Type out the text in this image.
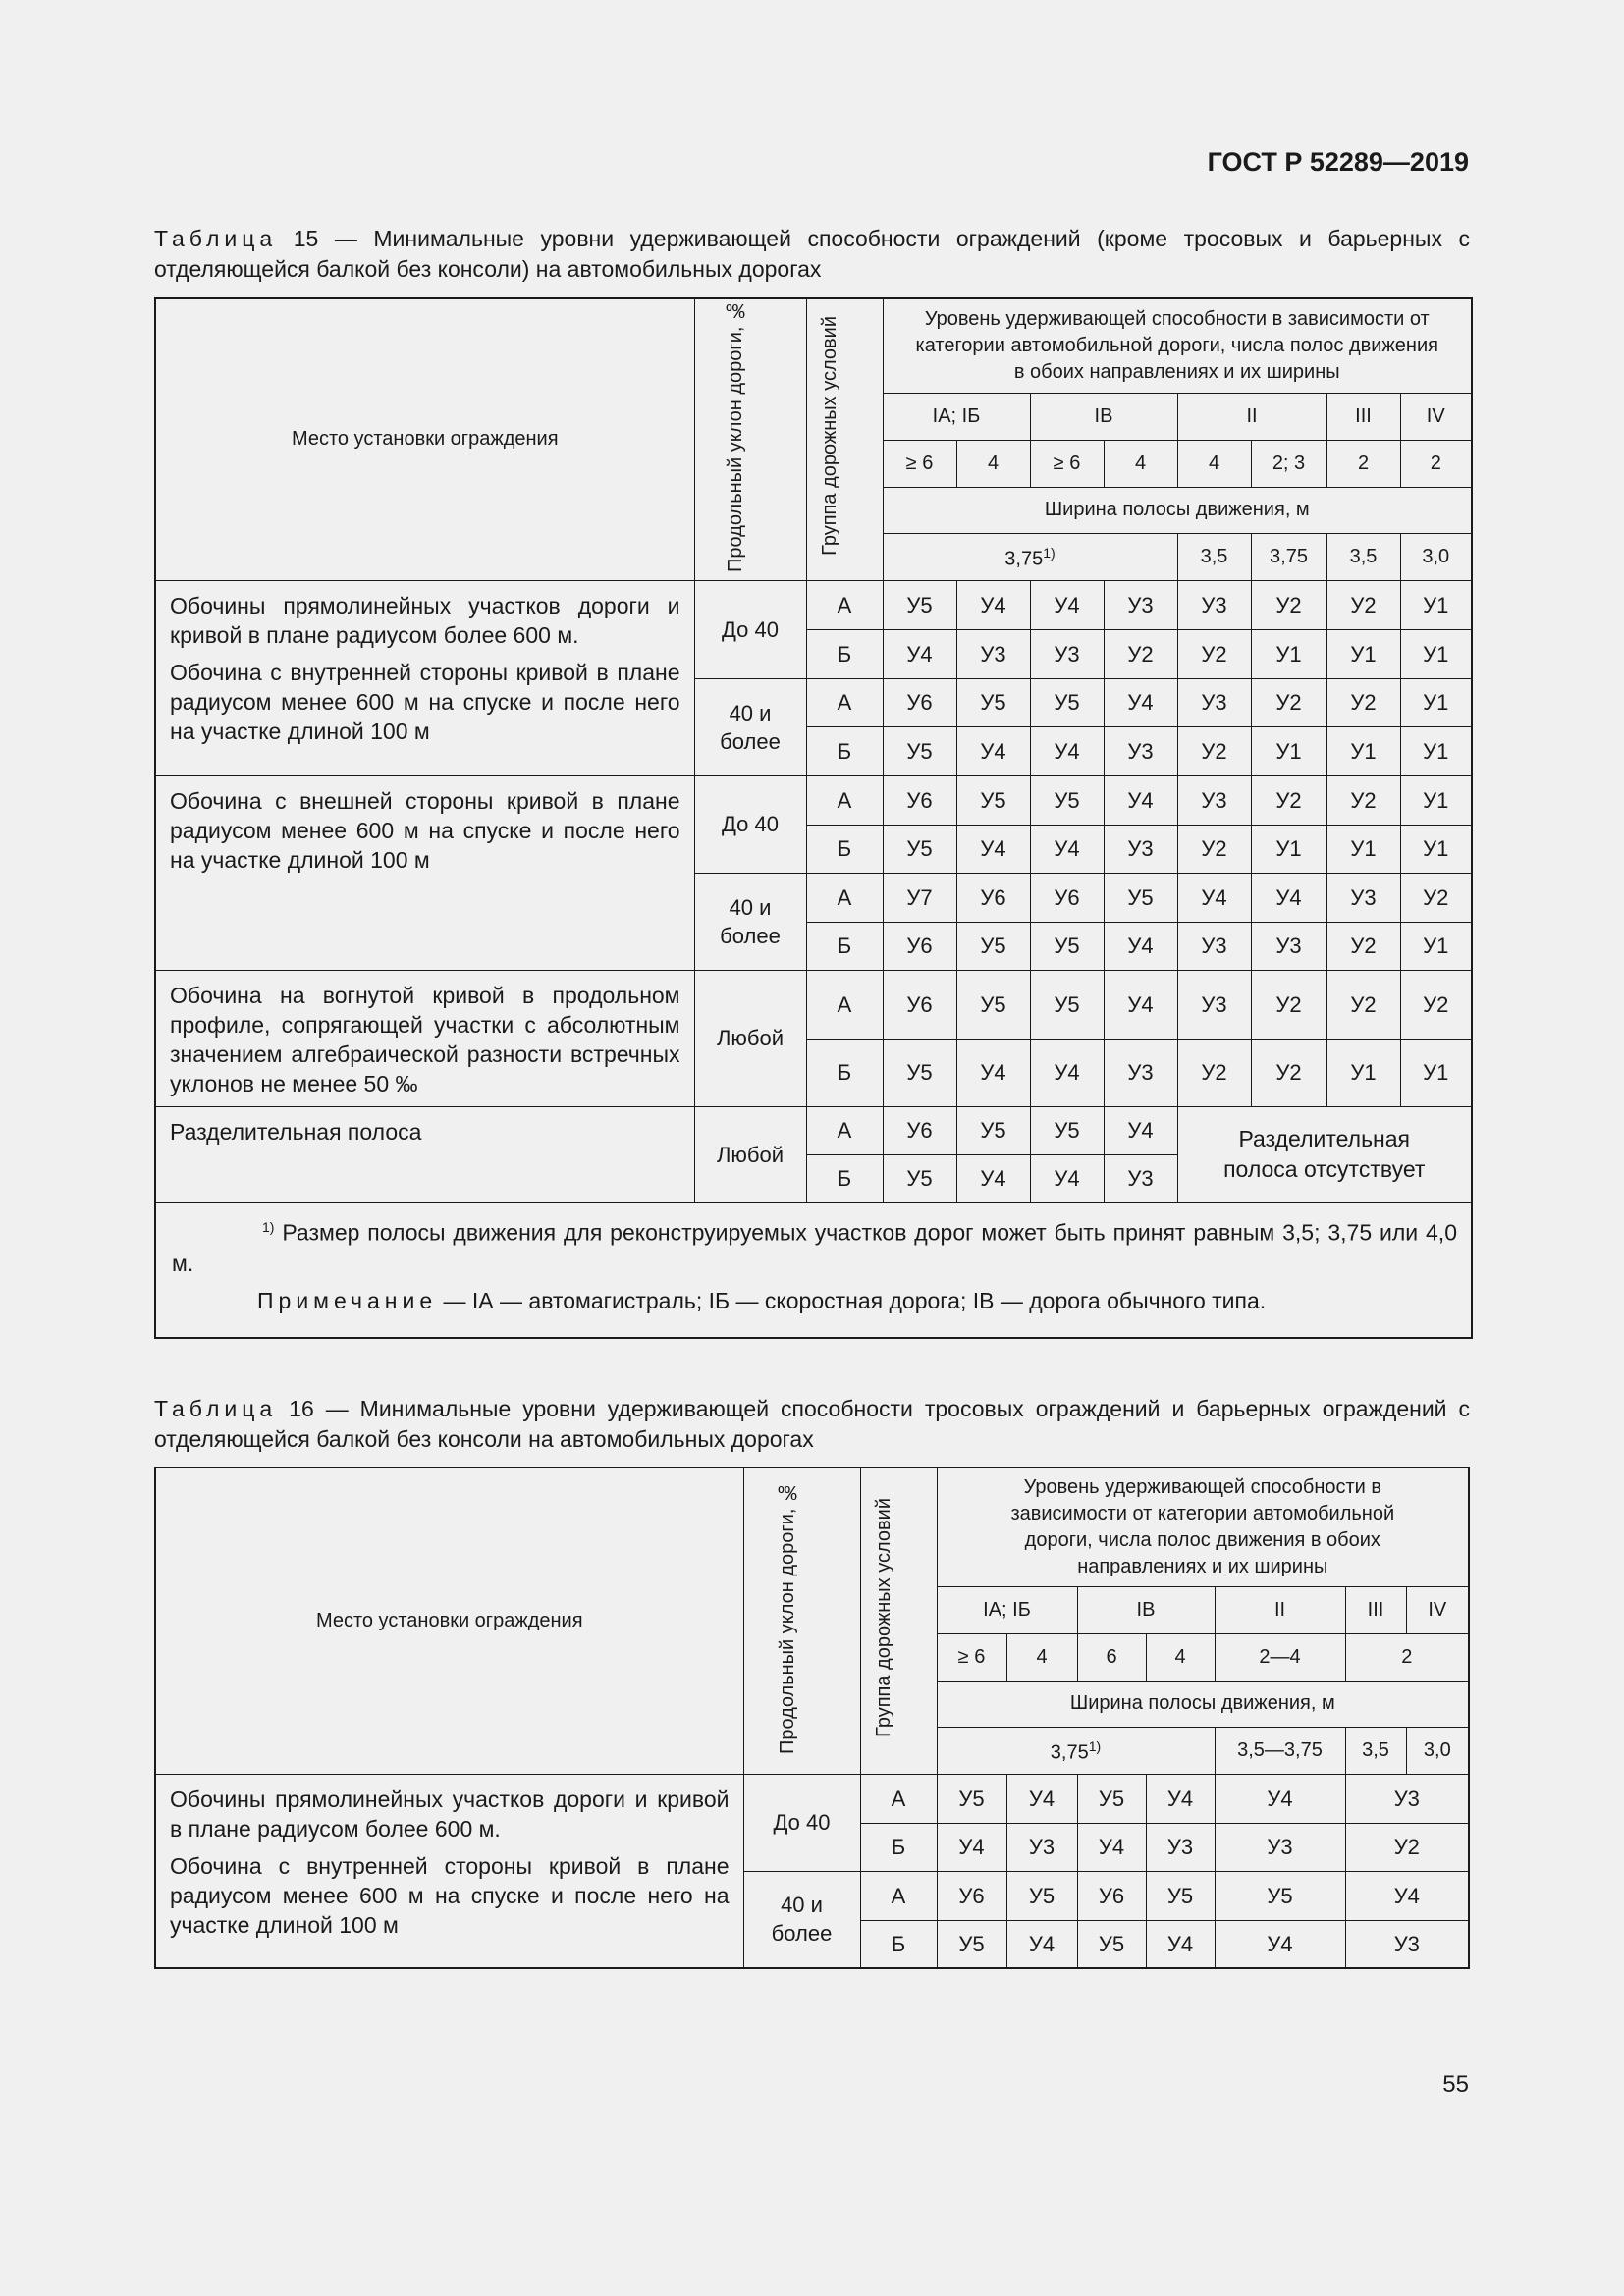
ГОСТ Р 52289—2019
Таблица 15 — Минимальные уровни удерживающей способности ограждений (кроме тросовых и барьерных с отделяющейся балкой без консоли) на автомобильных дорогах
Место установки ограждения	Продольный уклон дороги, ‰	Группа дорожных условий	Уровень удерживающей способности в зависимости от категории автомобильной дороги, числа полос движения в обоих направлениях и их ширины							
			IА; IБ		IВ		II		III	IV
			≥ 6	4	≥ 6	4	4	2; 3	2	2
			Ширина полосы движения, м							
			3,75$^{1)}$				3,5	3,75	3,5	3,0

Обочины прямолинейных участков дороги и кривой в плане радиусом более 600 м.

Обочина с внутренней стороны кривой в плане радиусом менее 600 м на спуске и после него на участке длиной 100 м	До 40	А	У5	У4	У4	У3	У3	У2	У2	У1
		Б	У4	У3	У3	У2	У2	У1	У1	У1
	40 и более	А	У6	У5	У5	У4	У3	У2	У2	У1
		Б	У5	У4	У4	У3	У2	У1	У1	У1

Обочина с внешней стороны кривой в плане радиусом менее 600 м на спуске и после него на участке длиной 100 м	До 40	А	У6	У5	У5	У4	У3	У2	У2	У1
		Б	У5	У4	У4	У3	У2	У1	У1	У1
	40 и более	А	У7	У6	У6	У5	У4	У4	У3	У2
		Б	У6	У5	У5	У4	У3	У3	У2	У1

Обочина на вогнутой кривой в продольном профиле, сопрягающей участки с абсолютным значением алгебраической разности встречных уклонов не менее 50 ‰	Любой	А	У6	У5	У5	У4	У3	У2	У2	У2
		Б	У5	У4	У4	У3	У2	У2	У1	У1

Разделительная полоса	Любой	А	У6	У5	У5	У4	Разделительная полоса отсутствует			
		Б	У5	У4	У4	У3				

$^{1)}$ Размер полосы движения для реконструируемых участков дорог может быть принят равным 3,5; 3,75 или 4,0 м.

Примечание — IА — автомагистраль; IБ — скоростная дорога; IВ — дорога обычного типа.										

Таблица 16 — Минимальные уровни удерживающей способности тросовых ограждений и барьерных ограждений с отделяющейся балкой без консоли на автомобильных дорогах
Место установки ограждения	Продольный уклон дороги, ‰	Группа дорожных условий	Уровень удерживающей способности в зависимости от категории автомобильной дороги, числа полос движения в обоих направлениях и их ширины						
			IА; IБ		IВ		II	III	IV
			≥ 6	4	6	4	2—4	2	
			Ширина полосы движения, м						
			3,75$^{1)}$				3,5—3,75	3,5	3,0

Обочины прямолинейных участков дороги и кривой в плане радиусом более 600 м.

Обочина с внутренней стороны кривой в плане радиусом менее 600 м на спуске и после него на участке длиной 100 м	До 40	А	У5	У4	У5	У4	У4	У3	
		Б	У4	У3	У4	У3	У3	У2	
	40 и более	А	У6	У5	У6	У5	У5	У4	
		Б	У5	У4	У5	У4	У4	У3	
55
